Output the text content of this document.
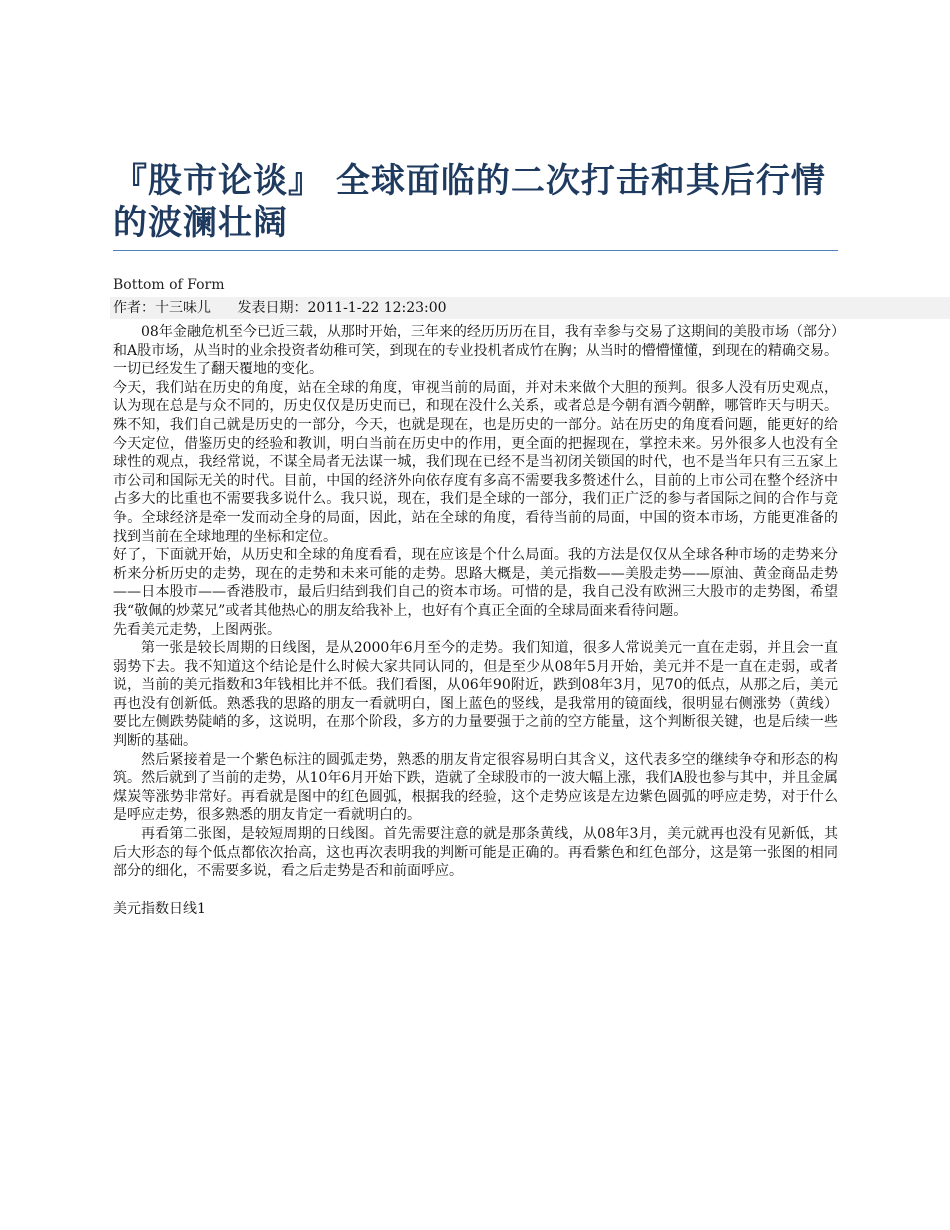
『股市论谈』 全球面临的二次打击和其后行情的波澜壮阔
Bottom of Form
作者：十三味儿 发表日期：2011-1-22 12:23:00

08年金融危机至今已近三载，从那时开始，三年来的经历历历在目，我有幸参与交易了这期间的美股市场（部分）和A股市场，从当时的业余投资者幼稚可笑，到现在的专业投机者成竹在胸；从当时的懵懵懂懂，到现在的精确交易。一切已经发生了翻天覆地的变化。

今天，我们站在历史的角度，站在全球的角度，审视当前的局面，并对未来做个大胆的预判。很多人没有历史观点，认为现在总是与众不同的，历史仅仅是历史而已，和现在没什么关系，或者总是今朝有酒今朝醉，哪管昨天与明天。殊不知，我们自己就是历史的一部分，今天，也就是现在，也是历史的一部分。站在历史的角度看问题，能更好的给今天定位，借鉴历史的经验和教训，明白当前在历史中的作用，更全面的把握现在，掌控未来。另外很多人也没有全球性的观点，我经常说，不谋全局者无法谋一城，我们现在已经不是当初闭关锁国的时代，也不是当年只有三五家上市公司和国际无关的时代。目前，中国的经济外向依存度有多高不需要我多赘述什么，目前的上市公司在整个经济中占多大的比重也不需要我多说什么。我只说，现在，我们是全球的一部分，我们正广泛的参与者国际之间的合作与竞争。全球经济是牵一发而动全身的局面，因此，站在全球的角度，看待当前的局面，中国的资本市场，方能更准备的找到当前在全球地理的坐标和定位。

好了，下面就开始，从历史和全球的角度看看，现在应该是个什么局面。我的方法是仅仅从全球各种市场的走势来分析来分析历史的走势，现在的走势和未来可能的走势。思路大概是，美元指数——美股走势——原油、黄金商品走势——日本股市——香港股市，最后归结到我们自己的资本市场。可惜的是，我自己没有欧洲三大股市的走势图，希望我“敬佩的炒菜兄”或者其他热心的朋友给我补上，也好有个真正全面的全球局面来看待问题。

先看美元走势，上图两张。

第一张是较长周期的日线图，是从2000年6月至今的走势。我们知道，很多人常说美元一直在走弱，并且会一直弱势下去。我不知道这个结论是什么时候大家共同认同的，但是至少从08年5月开始，美元并不是一直在走弱，或者说，当前的美元指数和3年钱相比并不低。我们看图，从06年90附近，跌到08年3月，见70的低点，从那之后，美元再也没有创新低。熟悉我的思路的朋友一看就明白，图上蓝色的竖线，是我常用的镜面线，很明显右侧涨势（黄线）要比左侧跌势陡峭的多，这说明，在那个阶段，多方的力量要强于之前的空方能量，这个判断很关键，也是后续一些判断的基础。

然后紧接着是一个紫色标注的圆弧走势，熟悉的朋友肯定很容易明白其含义，这代表多空的继续争夺和形态的构筑。然后就到了当前的走势，从10年6月开始下跌，造就了全球股市的一波大幅上涨，我们A股也参与其中，并且金属煤炭等涨势非常好。再看就是图中的红色圆弧，根据我的经验，这个走势应该是左边紫色圆弧的呼应走势，对于什么是呼应走势，很多熟悉的朋友肯定一看就明白的。

再看第二张图，是较短周期的日线图。首先需要注意的就是那条黄线，从08年3月，美元就再也没有见新低，其后大形态的每个低点都依次抬高，这也再次表明我的判断可能是正确的。再看紫色和红色部分，这是第一张图的相同部分的细化，不需要多说，看之后走势是否和前面呼应。

美元指数日线1
